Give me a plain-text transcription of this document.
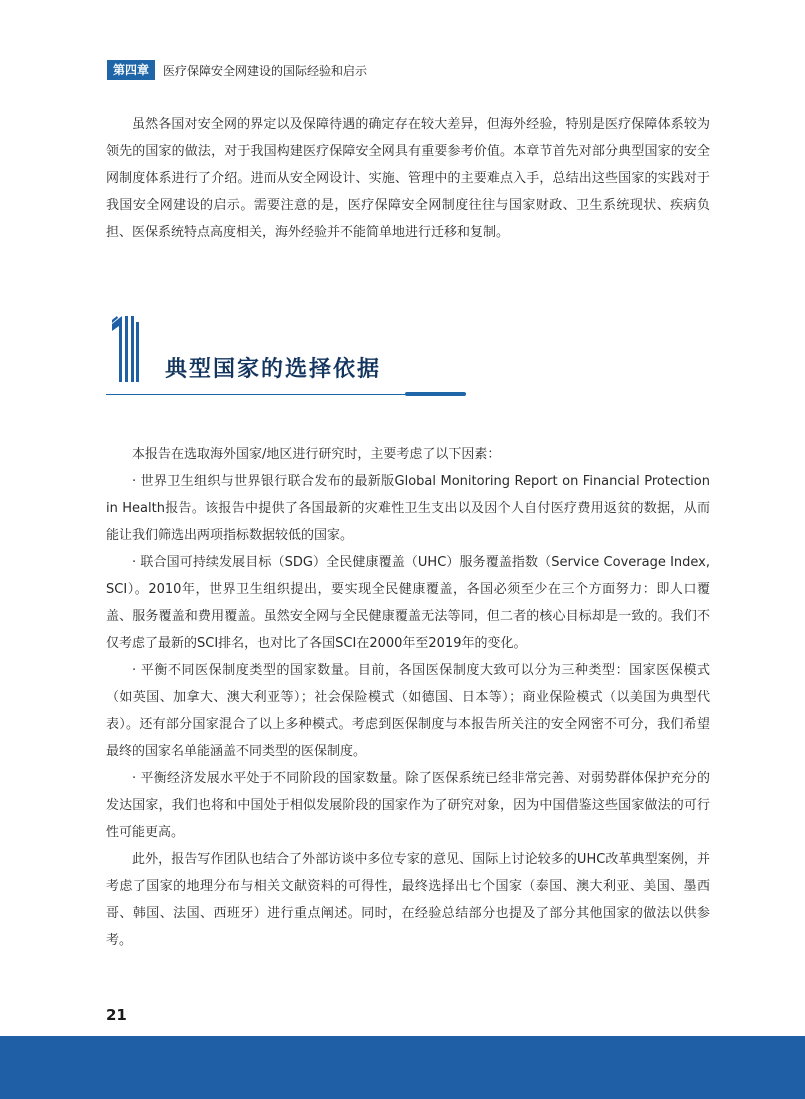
第四章	医疗保障安全网建设的国际经验和启示

虽然各国对安全网的界定以及保障待遇的确定存在较大差异，但海外经验，特别是医疗保障体系较为领先的国家的做法，对于我国构建医疗保障安全网具有重要参考价值。本章节首先对部分典型国家的安全网制度体系进行了介绍。进而从安全网设计、实施、管理中的主要难点入手，总结出这些国家的实践对于我国安全网建设的启示。需要注意的是，医疗保障安全网制度往往与国家财政、卫生系统现状、疾病负担、医保系统特点高度相关，海外经验并不能简单地进行迁移和复制。

典型国家的选择依据

本报告在选取海外国家/地区进行研究时，主要考虑了以下因素：

· 世界卫生组织与世界银行联合发布的最新版Global Monitoring Report on Financial Protection in Health报告。该报告中提供了各国最新的灾难性卫生支出以及因个人自付医疗费用返贫的数据，从而能让我们筛选出两项指标数据较低的国家。

· 联合国可持续发展目标（SDG）全民健康覆盖（UHC）服务覆盖指数（Service Coverage Index, SCI）。2010年，世界卫生组织提出，要实现全民健康覆盖，各国必须至少在三个方面努力：即人口覆盖、服务覆盖和费用覆盖。虽然安全网与全民健康覆盖无法等同，但二者的核心目标却是一致的。我们不仅考虑了最新的SCI排名，也对比了各国SCI在2000年至2019年的变化。

· 平衡不同医保制度类型的国家数量。目前，各国医保制度大致可以分为三种类型：国家医保模式（如英国、加拿大、澳大利亚等）；社会保险模式（如德国、日本等）；商业保险模式（以美国为典型代表）。还有部分国家混合了以上多种模式。考虑到医保制度与本报告所关注的安全网密不可分，我们希望最终的国家名单能涵盖不同类型的医保制度。

· 平衡经济发展水平处于不同阶段的国家数量。除了医保系统已经非常完善、对弱势群体保护充分的发达国家，我们也将和中国处于相似发展阶段的国家作为了研究对象，因为中国借鉴这些国家做法的可行性可能更高。

此外，报告写作团队也结合了外部访谈中多位专家的意见、国际上讨论较多的UHC改革典型案例，并考虑了国家的地理分布与相关文献资料的可得性，最终选择出七个国家（泰国、澳大利亚、美国、墨西哥、韩国、法国、西班牙）进行重点阐述。同时，在经验总结部分也提及了部分其他国家的做法以供参考。

21
